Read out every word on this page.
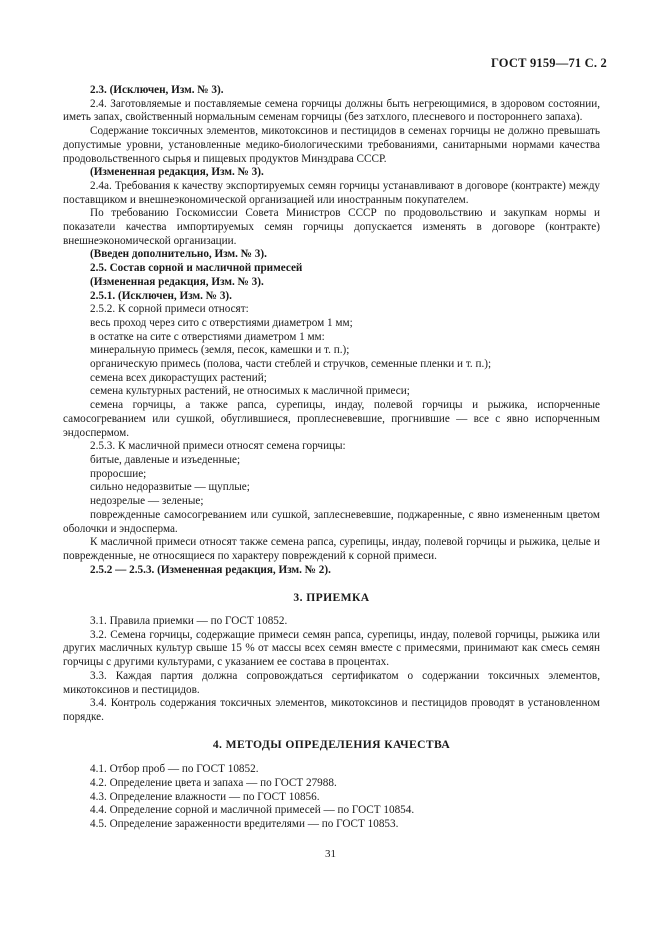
ГОСТ 9159—71 С. 2

2.3. (Исключен, Изм. № 3).

2.4. Заготовляемые и поставляемые семена горчицы должны быть негреющимися, в здоровом состоянии, иметь запах, свойственный нормальным семенам горчицы (без затхлого, плесневого и постороннего запаха).

Содержание токсичных элементов, микотоксинов и пестицидов в семенах горчицы не должно превышать допустимые уровни, установленные медико-биологическими требованиями, санитарными нормами качества продовольственного сырья и пищевых продуктов Минздрава СССР.

(Измененная редакция, Изм. № 3).

2.4а. Требования к качеству экспортируемых семян горчицы устанавливают в договоре (контракте) между поставщиком и внешнеэкономической организацией или иностранным покупателем.

По требованию Госкомиссии Совета Министров СССР по продовольствию и закупкам нормы и показатели качества импортируемых семян горчицы допускается изменять в договоре (контракте) внешнеэкономической организации.

(Введен дополнительно, Изм. № 3).

2.5. Состав сорной и масличной примесей

(Измененная редакция, Изм. № 3).

2.5.1. (Исключен, Изм. № 3).

2.5.2. К сорной примеси относят:

весь проход через сито с отверстиями диаметром 1 мм;

в остатке на сите с отверстиями диаметром 1 мм:

минеральную примесь (земля, песок, камешки и т. п.);

органическую примесь (полова, части стеблей и стручков, семенные пленки и т. п.);

семена всех дикорастущих растений;

семена культурных растений, не относимых к масличной примеси;

семена горчицы, а также рапса, сурепицы, индау, полевой горчицы и рыжика, испорченные самосогреванием или сушкой, обуглившиеся, проплесневевшие, прогнившие — все с явно испорченным эндоспермом.

2.5.3. К масличной примеси относят семена горчицы:

битые, давленые и изъеденные;

проросшие;

сильно недоразвитые — щуплые;

недозрелые — зеленые;

поврежденные самосогреванием или сушкой, заплесневевшие, поджаренные, с явно измененным цветом оболочки и эндосперма.

К масличной примеси относят также семена рапса, сурепицы, индау, полевой горчицы и рыжика, целые и поврежденные, не относящиеся по характеру повреждений к сорной примеси.

2.5.2 — 2.5.3. (Измененная редакция, Изм. № 2).

3. ПРИЕМКА

3.1. Правила приемки — по ГОСТ 10852.

3.2. Семена горчицы, содержащие примеси семян рапса, сурепицы, индау, полевой горчицы, рыжика или других масличных культур свыше 15 % от массы всех семян вместе с примесями, принимают как смесь семян горчицы с другими культурами, с указанием ее состава в процентах.

3.3. Каждая партия должна сопровождаться сертификатом о содержании токсичных элементов, микотоксинов и пестицидов.

3.4. Контроль содержания токсичных элементов, микотоксинов и пестицидов проводят в установленном порядке.

4. МЕТОДЫ ОПРЕДЕЛЕНИЯ КАЧЕСТВА

4.1. Отбор проб — по ГОСТ 10852.

4.2. Определение цвета и запаха — по ГОСТ 27988.

4.3. Определение влажности — по ГОСТ 10856.

4.4. Определение сорной и масличной примесей — по ГОСТ 10854.

4.5. Определение зараженности вредителями — по ГОСТ 10853.

31
